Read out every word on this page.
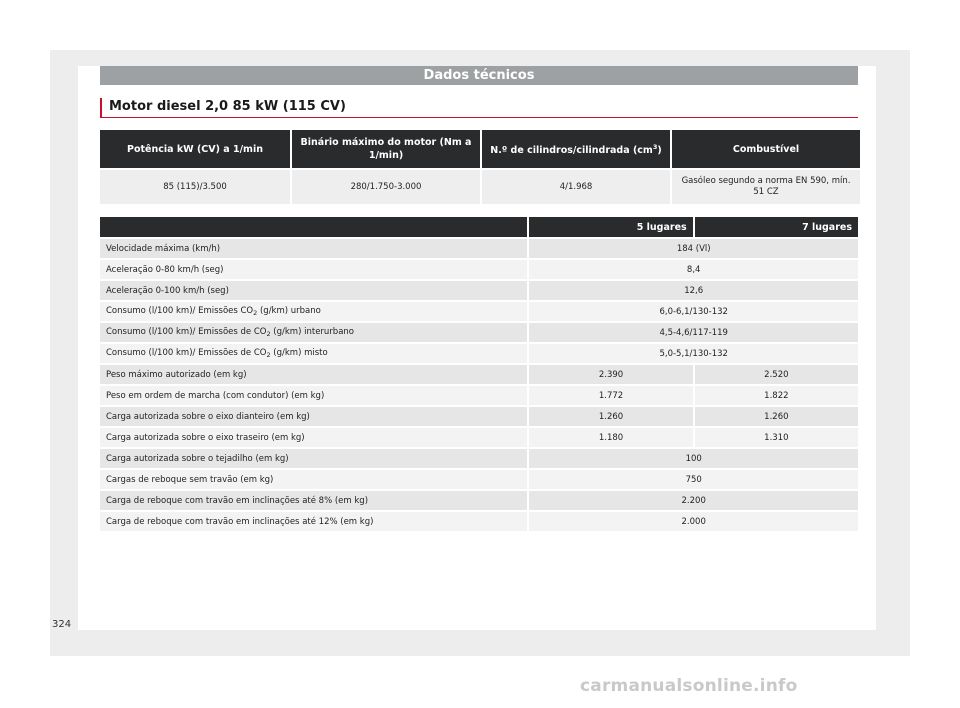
Dados técnicos
Motor diesel 2,0 85 kW (115 CV)
Potência kW (CV) a 1/min	Binário máximo do motor (Nm a 1/min)	N.º de cilindros/cilindrada $(cm^3)$	Combustível
85 (115)/3.500	280/1.750-3.000	4/1.968	Gasóleo segundo a norma EN 590, mín. 51 CZ
	5 lugares	7 lugares
Velocidade máxima (km/h)	184 (Vl)	
Aceleração 0-80 km/h (seg)	8,4	
Aceleração 0-100 km/h (seg)	12,6	
Consumo (l/100 km)/ Emissões $CO_2$ (g/km) urbano	6,0-6,1/130-132	
Consumo (l/100 km)/ Emissões de $CO_2$ (g/km) interurbano	4,5-4,6/117-119	
Consumo (l/100 km)/ Emissões de $CO_2$ (g/km) misto	5,0-5,1/130-132	
Peso máximo autorizado (em kg)	2.390	2.520
Peso em ordem de marcha (com condutor) (em kg)	1.772	1.822
Carga autorizada sobre o eixo dianteiro (em kg)	1.260	1.260
Carga autorizada sobre o eixo traseiro (em kg)	1.180	1.310
Carga autorizada sobre o tejadilho (em kg)	100	
Cargas de reboque sem travão (em kg)	750	
Carga de reboque com travão em inclinações até 8% (em kg)	2.200	
Carga de reboque com travão em inclinações até 12% (em kg)	2.000	
324
carmanualsonline.info
